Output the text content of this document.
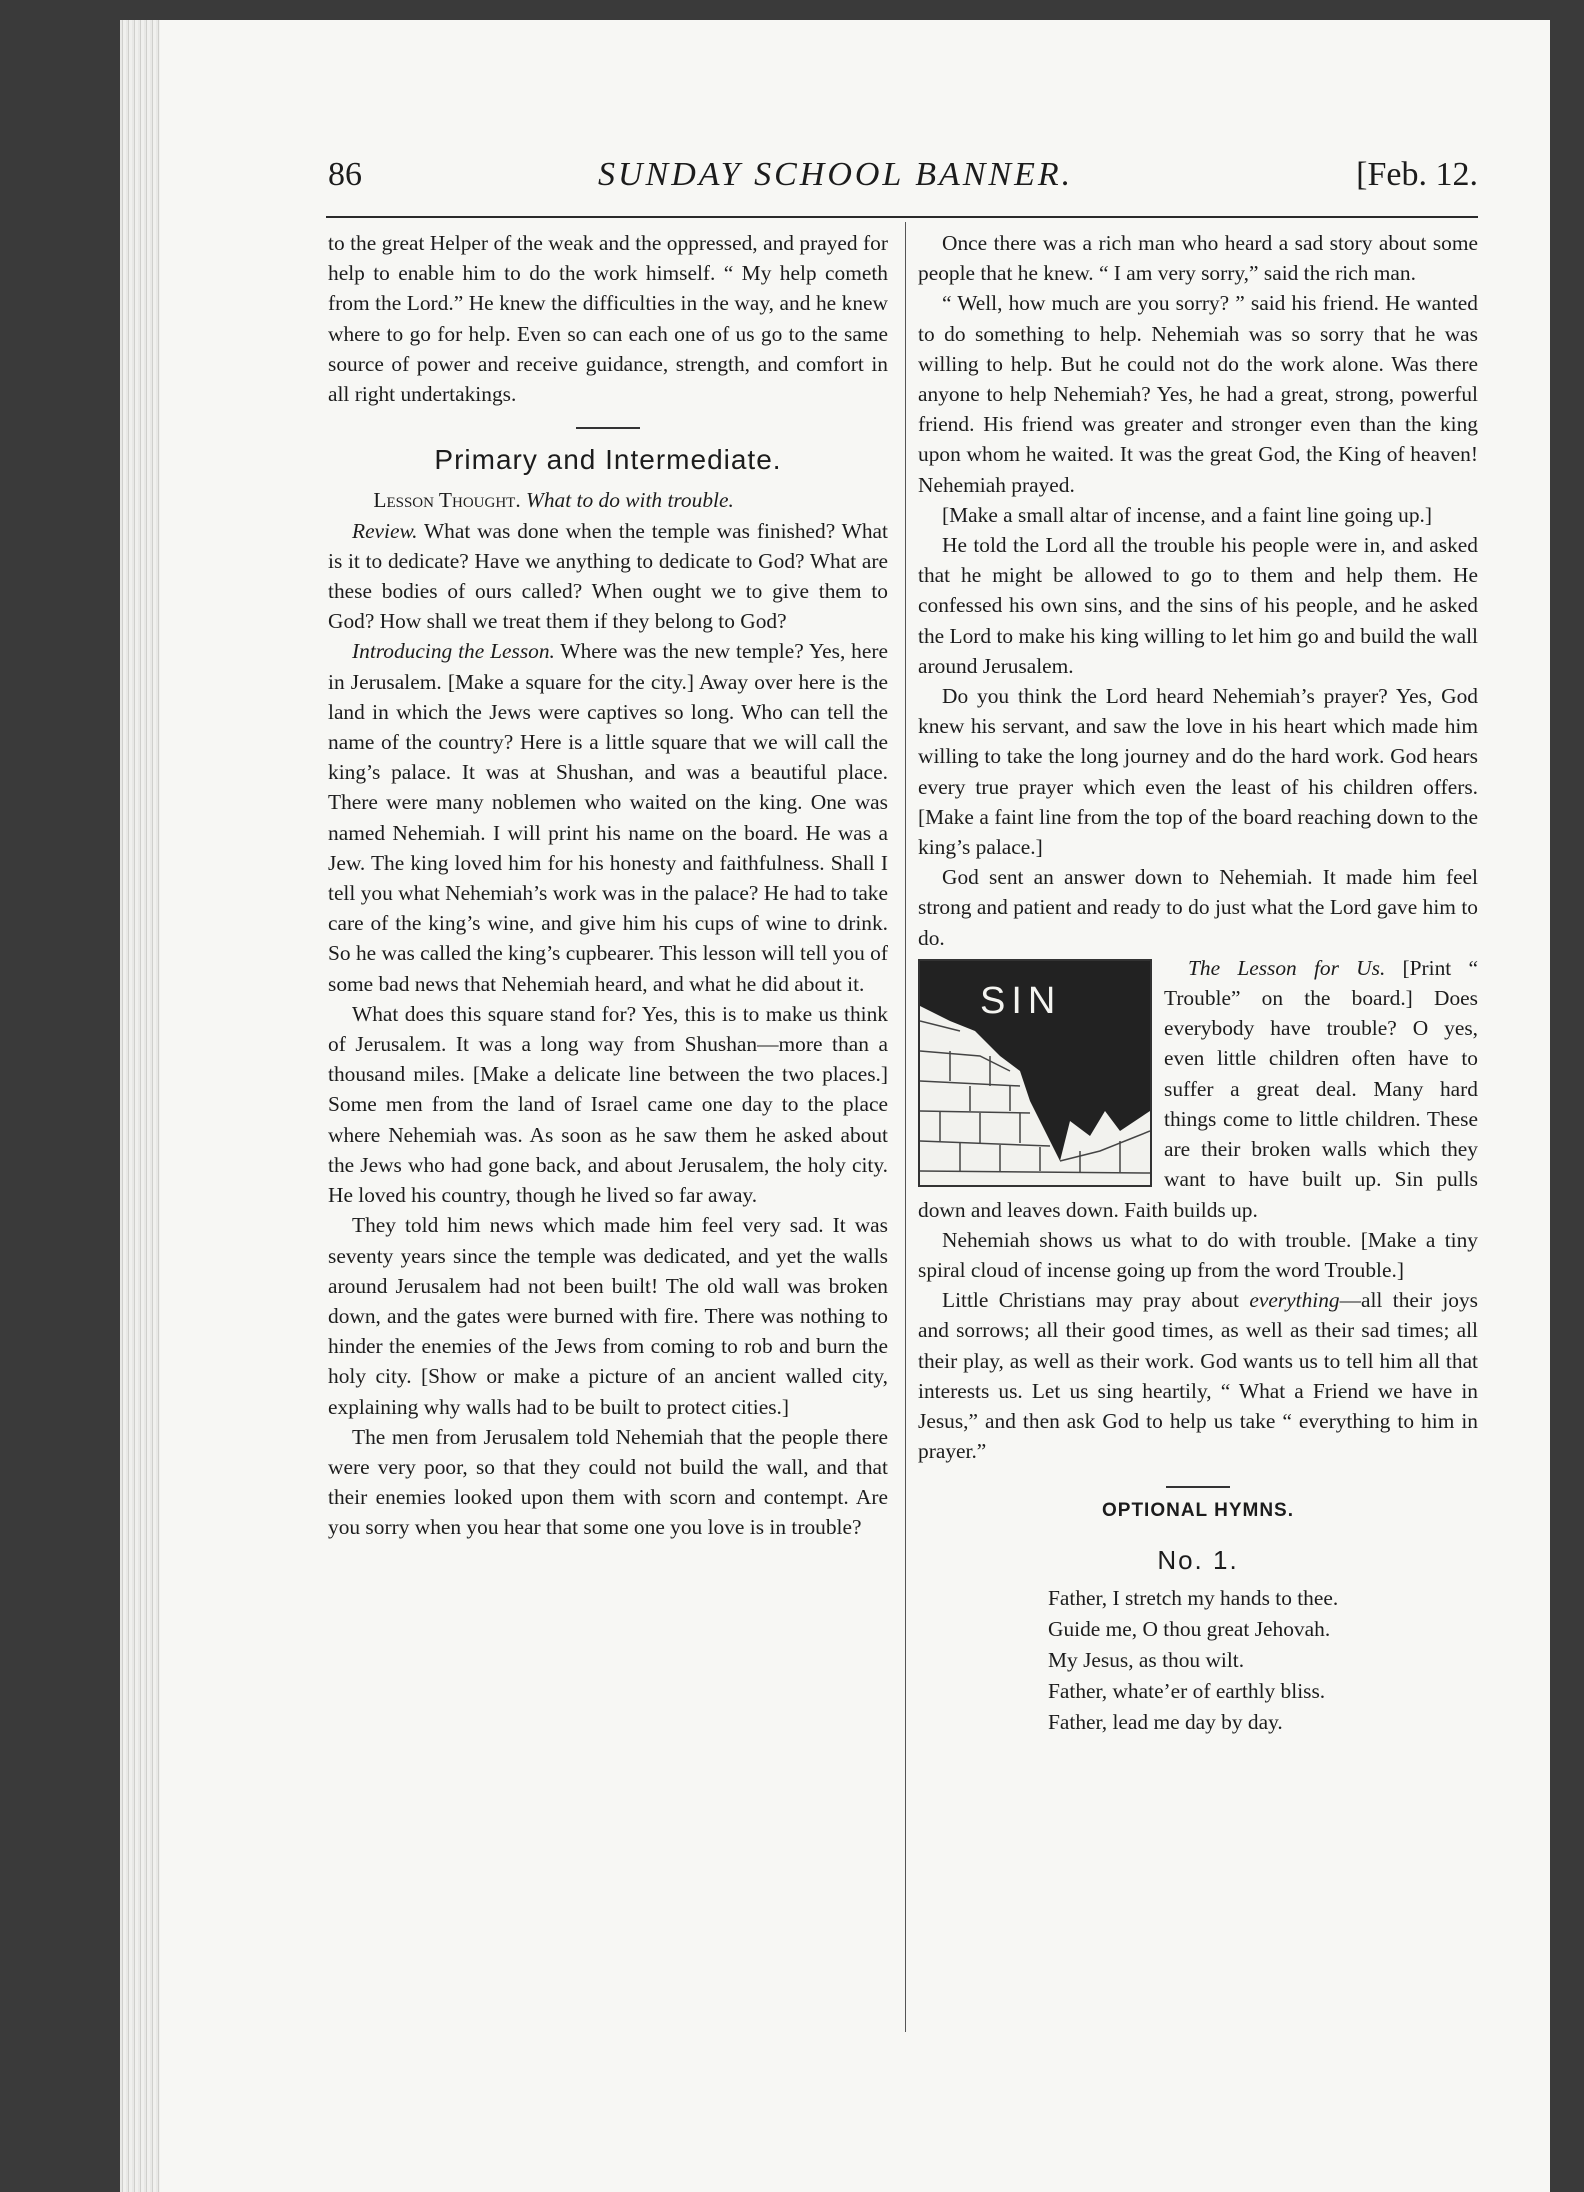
86	SUNDAY SCHOOL BANNER.	[Feb. 12.

to the great Helper of the weak and the oppressed, and prayed for help to enable him to do the work himself. “ My help cometh from the Lord.” He knew the difficulties in the way, and he knew where to go for help. Even so can each one of us go to the same source of power and receive guidance, strength, and comfort in all right undertakings.

Primary and Intermediate.

Lesson Thought. What to do with trouble.

Review. What was done when the temple was finished? What is it to dedicate? Have we anything to dedicate to God? What are these bodies of ours called? When ought we to give them to God? How shall we treat them if they belong to God?

Introducing the Lesson. Where was the new temple? Yes, here in Jerusalem. [Make a square for the city.] Away over here is the land in which the Jews were captives so long. Who can tell the name of the country? Here is a little square that we will call the king’s palace. It was at Shushan, and was a beautiful place. There were many noblemen who waited on the king. One was named Nehemiah. I will print his name on the board. He was a Jew. The king loved him for his honesty and faithfulness. Shall I tell you what Nehemiah’s work was in the palace? He had to take care of the king’s wine, and give him his cups of wine to drink. So he was called the king’s cupbearer. This lesson will tell you of some bad news that Nehemiah heard, and what he did about it.

What does this square stand for? Yes, this is to make us think of Jerusalem. It was a long way from Shushan—more than a thousand miles. [Make a delicate line between the two places.] Some men from the land of Israel came one day to the place where Nehemiah was. As soon as he saw them he asked about the Jews who had gone back, and about Jerusalem, the holy city. He loved his country, though he lived so far away.

They told him news which made him feel very sad. It was seventy years since the temple was dedicated, and yet the walls around Jerusalem had not been built! The old wall was broken down, and the gates were burned with fire. There was nothing to hinder the enemies of the Jews from coming to rob and burn the holy city. [Show or make a picture of an ancient walled city, explaining why walls had to be built to protect cities.]

The men from Jerusalem told Nehemiah that the people there were very poor, so that they could not build the wall, and that their enemies looked upon them with scorn and contempt. Are you sorry when you hear that some one you love is in trouble?

Once there was a rich man who heard a sad story about some people that he knew. “ I am very sorry,” said the rich man.

“ Well, how much are you sorry? ” said his friend. He wanted to do something to help. Nehemiah was so sorry that he was willing to help. But he could not do the work alone. Was there anyone to help Nehemiah? Yes, he had a great, strong, powerful friend. His friend was greater and stronger even than the king upon whom he waited. It was the great God, the King of heaven! Nehemiah prayed.

[Make a small altar of incense, and a faint line going up.]

He told the Lord all the trouble his people were in, and asked that he might be allowed to go to them and help them. He confessed his own sins, and the sins of his people, and he asked the Lord to make his king willing to let him go and build the wall around Jerusalem.

Do you think the Lord heard Nehemiah’s prayer? Yes, God knew his servant, and saw the love in his heart which made him willing to take the long journey and do the hard work. God hears every true prayer which even the least of his children offers. [Make a faint line from the top of the board reaching down to the king’s palace.]

God sent an answer down to Nehemiah. It made him feel strong and patient and ready to do just what the Lord gave him to do.

SIN

The Lesson for Us. [Print “ Trouble” on the board.] Does everybody have trouble? O yes, even little children often have to suffer a great deal. Many hard things come to little children. These are their broken walls which they want to have built up. Sin pulls down and leaves down. Faith builds up.

Nehemiah shows us what to do with trouble. [Make a tiny spiral cloud of incense going up from the word Trouble.]

Little Christians may pray about everything—all their joys and sorrows; all their good times, as well as their sad times; all their play, as well as their work. God wants us to tell him all that interests us. Let us sing heartily, “ What a Friend we have in Jesus,” and then ask God to help us take “ everything to him in prayer.”

OPTIONAL HYMNS.
No. 1.
Father, I stretch my hands to thee.
Guide me, O thou great Jehovah.
My Jesus, as thou wilt.
Father, whate’er of earthly bliss.
Father, lead me day by day.
